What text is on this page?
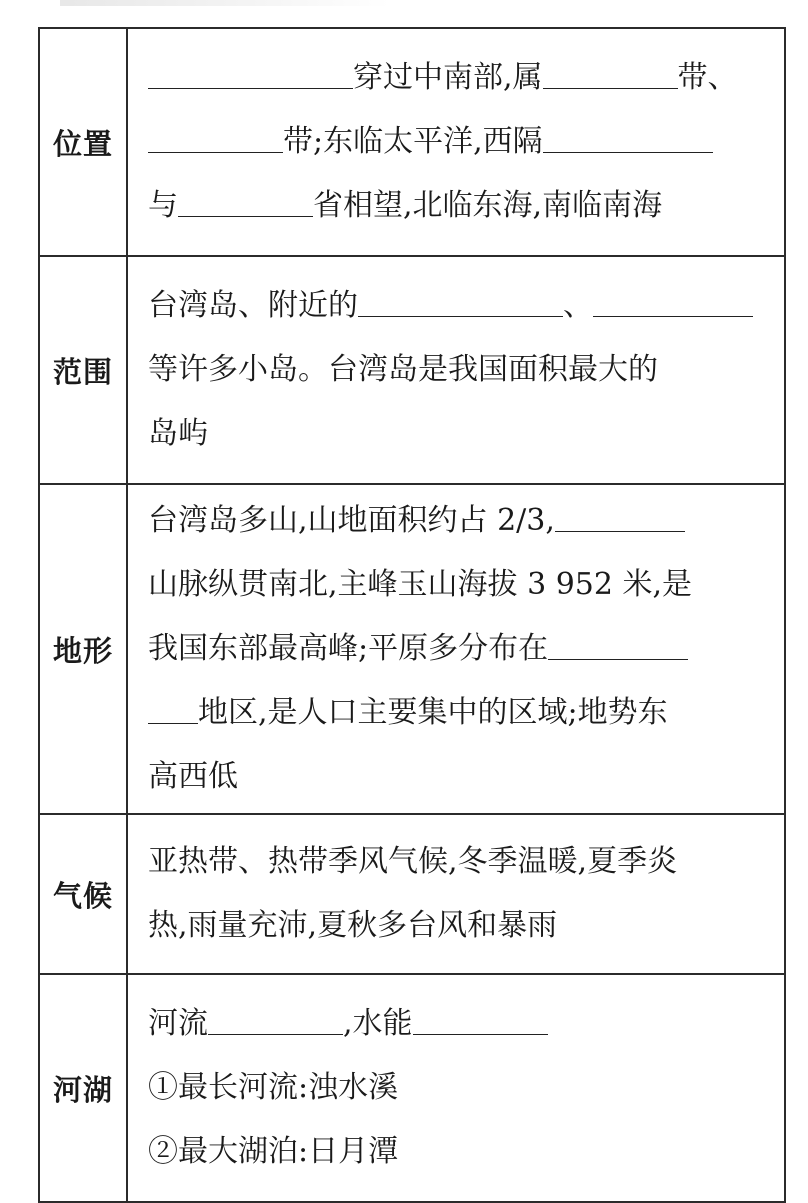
位置	穿过中南部,属 带、
带;东临太平洋,西隔
与 省相望,北临东海,南临南海

范围	台湾岛、附近的 、
等许多小岛。台湾岛是我国面积最大的
岛屿

地形	台湾岛多山,山地面积约占 2/3,
山脉纵贯南北,主峰玉山海拔 3 952 米,是
我国东部最高峰;平原多分布在
地区,是人口主要集中的区域;地势东
高西低

气候	亚热带、热带季风气候,冬季温暖,夏季炎
热,雨量充沛,夏秋多台风和暴雨

河湖	河流 ,水能
①最长河流:浊水溪
②最大湖泊:日月潭
